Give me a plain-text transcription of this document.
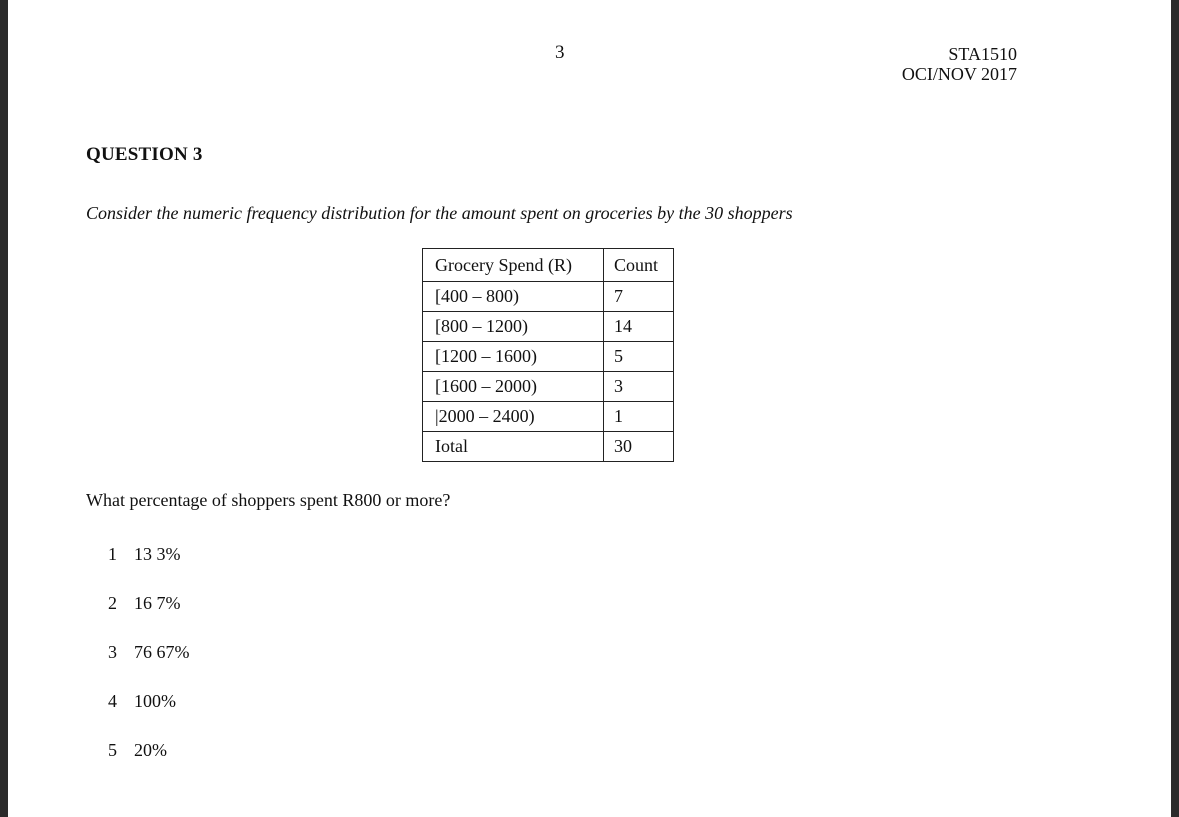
3	STA1510
OCI/NOV 2017
QUESTION 3
Consider the numeric frequency distribution for the amount spent on groceries by the 30 shoppers
Grocery Spend (R)	Count
[400 – 800)	7
[800 – 1200)	14
[1200 – 1600)	5
[1600 – 2000)	3
|2000 – 2400)	1
Iotal	30
What percentage of shoppers spent R800 or more?
1 13 3%
2 16 7%
3 76 67%
4 100%
5 20%
